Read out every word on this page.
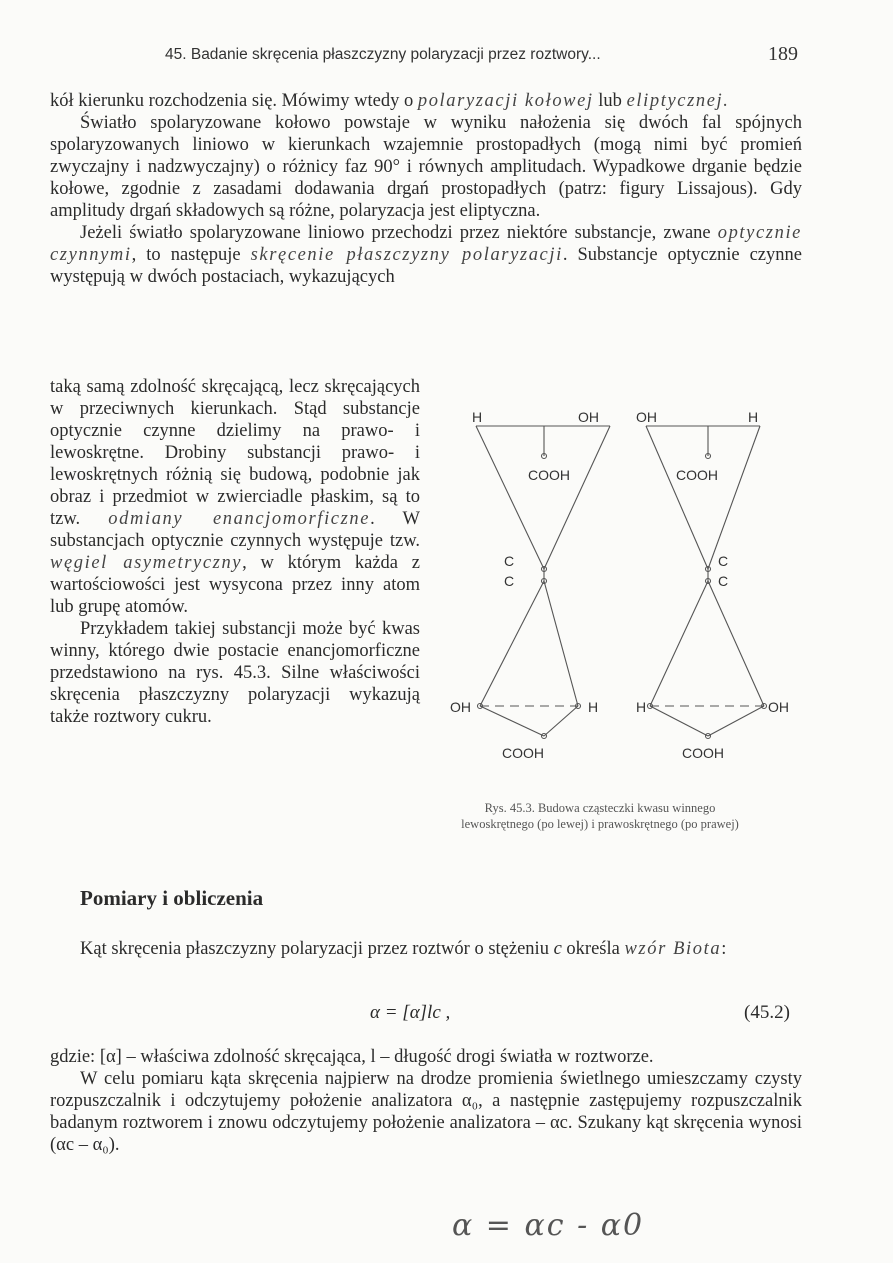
45. Badanie skręcenia płaszczyzny polaryzacji przez roztwory...	189

kół kierunku rozchodzenia się. Mówimy wtedy o polaryzacji kołowej lub eliptycznej.

Światło spolaryzowane kołowo powstaje w wyniku nałożenia się dwóch fal spójnych spolaryzowanych liniowo w kierunkach wzajemnie prostopadłych (mogą nimi być promień zwyczajny i nadzwyczajny) o różnicy faz 90° i równych amplitudach. Wypadkowe drganie będzie kołowe, zgodnie z zasadami dodawania drgań prostopadłych (patrz: figury Lissajous). Gdy amplitudy drgań składowych są różne, polaryzacja jest eliptyczna.

Jeżeli światło spolaryzowane liniowo przechodzi przez niektóre substancje, zwane optycznie czynnymi, to następuje skręcenie płaszczyzny polaryzacji. Substancje optycznie czynne występują w dwóch postaciach, wykazujących

taką samą zdolność skręcającą, lecz skręcających w przeciwnych kierunkach. Stąd substancje optycznie czynne dzielimy na prawo- i lewoskrętne. Drobiny substancji prawo- i lewoskrętnych różnią się budową, podobnie jak obraz i przedmiot w zwierciadle płaskim, są to tzw. odmiany enancjomorficzne. W substancjach optycznie czynnych występuje tzw. węgiel asymetryczny, w którym każda z wartościowości jest wysycona przez inny atom lub grupę atomów.

Przykładem takiej substancji może być kwas winny, którego dwie postacie enancjomorficzne przedstawiono na rys. 45.3. Silne właściwości skręcenia płaszczyzny polaryzacji wykazują także roztwory cukru.

H	OH
COOH
C
C
OH	H
COOH
OH	H
COOH
C
C
H	OH
COOH
Rys. 45.3. Budowa cząsteczki kwasu winnego lewoskrętnego (po lewej) i prawoskrętnego (po prawej)
Pomiary i obliczenia

Kąt skręcenia płaszczyzny polaryzacji przez roztwór o stężeniu c określa wzór Biota:

α = [α]lc ,	(45.2)

gdzie: [α] – właściwa zdolność skręcająca, l – długość drogi światła w roztworze.

W celu pomiaru kąta skręcenia najpierw na drodze promienia świetlnego umieszczamy czysty rozpuszczalnik i odczytujemy położenie analizatora α₀, a następnie zastępujemy rozpuszczalnik badanym roztworem i znowu odczytujemy położenie analizatora – αc. Szukany kąt skręcenia wynosi (αc – α₀).

α = αc - α0
